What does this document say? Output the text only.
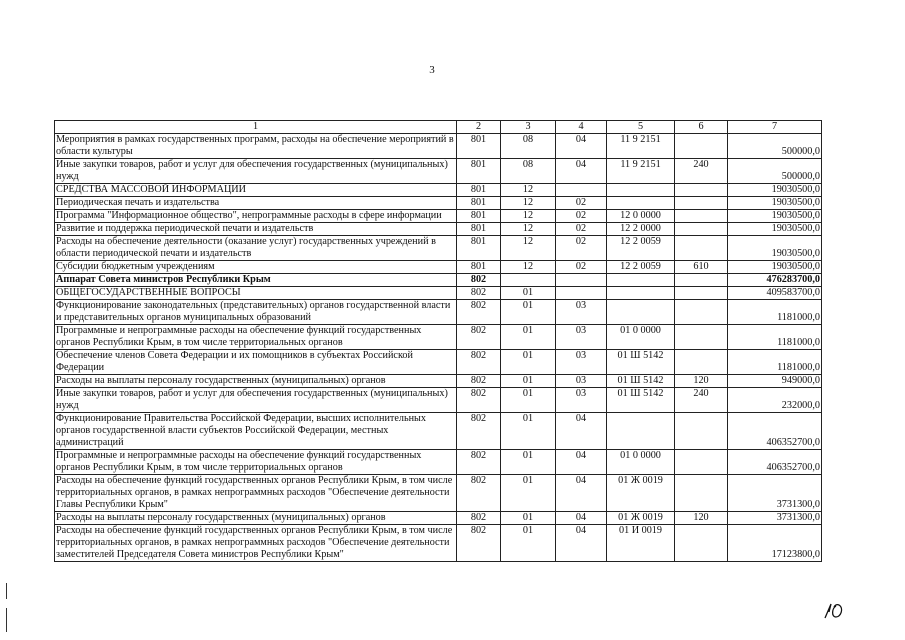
3
1	2	3	4	5	6	7
Мероприятия в рамках государственных программ, расходы на обеспечение мероприятий в области культуры	801	08	04	11 9 2151		500000,0
Иные закупки товаров, работ и услуг для обеспечения государственных (муниципальных) нужд	801	08	04	11 9 2151	240	500000,0
СРЕДСТВА МАССОВОЙ ИНФОРМАЦИИ	801	12				19030500,0
Периодическая печать и издательства	801	12	02			19030500,0
Программа "Информационное общество", непрограммные расходы в сфере информации	801	12	02	12 0 0000		19030500,0
Развитие и поддержка периодической печати и издательств	801	12	02	12 2 0000		19030500,0
Расходы на обеспечение деятельности (оказание услуг) государственных учреждений в области периодической печати и издательств	801	12	02	12 2 0059		19030500,0
Субсидии бюджетным учреждениям	801	12	02	12 2 0059	610	19030500,0
Аппарат Совета министров Республики Крым	802					476283700,0
ОБЩЕГОСУДАРСТВЕННЫЕ ВОПРОСЫ	802	01				409583700,0
Функционирование законодательных (представительных) органов государственной власти и представительных органов муниципальных образований	802	01	03			1181000,0
Программные и непрограммные расходы на обеспечение функций государственных органов Республики Крым, в том числе территориальных органов	802	01	03	01 0 0000		1181000,0
Обеспечение членов Совета Федерации и их помощников в субъектах Российской Федерации	802	01	03	01 Ш 5142		1181000,0
Расходы на выплаты персоналу государственных (муниципальных) органов	802	01	03	01 Ш 5142	120	949000,0
Иные закупки товаров, работ и услуг для обеспечения государственных (муниципальных) нужд	802	01	03	01 Ш 5142	240	232000,0
Функционирование Правительства Российской Федерации, высших исполнительных органов государственной власти субъектов Российской Федерации, местных администраций	802	01	04			406352700,0
Программные и непрограммные расходы на обеспечение функций государственных органов Республики Крым, в том числе территориальных органов	802	01	04	01 0 0000		406352700,0
Расходы на обеспечение функций государственных органов Республики Крым, в том числе территориальных органов, в рамках непрограммных расходов "Обеспечение деятельности Главы Республики Крым"	802	01	04	01 Ж 0019		3731300,0
Расходы на выплаты персоналу государственных (муниципальных) органов	802	01	04	01 Ж 0019	120	3731300,0
Расходы на обеспечение функций государственных органов Республики Крым, в том числе территориальных органов, в рамках непрограммных расходов "Обеспечение деятельности заместителей Председателя Совета министров Республики Крым"	802	01	04	01 И 0019		17123800,0
